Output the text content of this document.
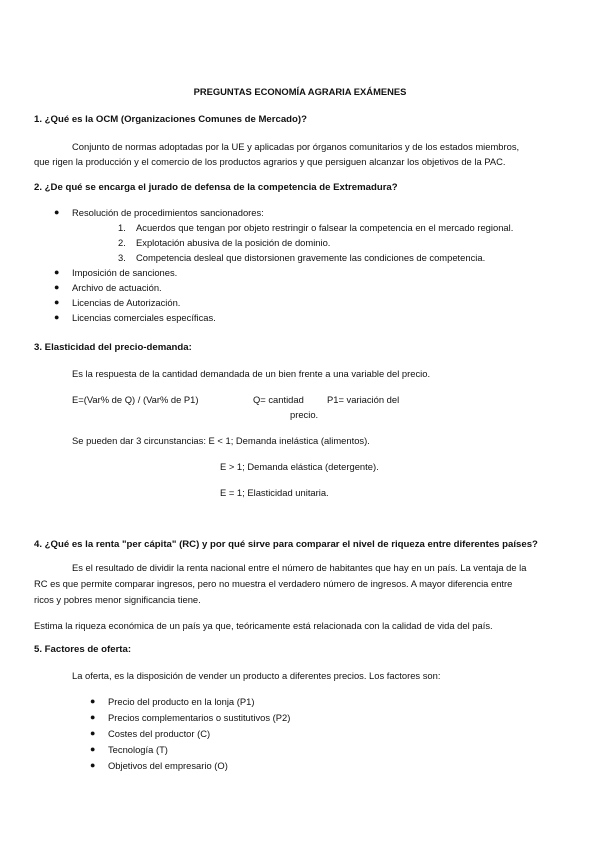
PREGUNTAS ECONOMÍA AGRARIA EXÁMENES
1. ¿Qué es la OCM (Organizaciones Comunes de Mercado)?
Conjunto de normas adoptadas por la UE y aplicadas por órganos comunitarios y de los estados miembros,
que rigen la producción y el comercio de los productos agrarios y que persiguen alcanzar los objetivos de la PAC.
2. ¿De qué se encarga el jurado de defensa de la competencia de Extremadura?
● Resolución de procedimientos sancionadores:
1. Acuerdos que tengan por objeto restringir o falsear la competencia en el mercado regional.
2. Explotación abusiva de la posición de dominio.
3. Competencia desleal que distorsionen gravemente las condiciones de competencia.
● Imposición de sanciones.
● Archivo de actuación.
● Licencias de Autorización.
● Licencias comerciales específicas.
3. Elasticidad del precio-demanda:
Es la respuesta de la cantidad demandada de un bien frente a una variable del precio.
E=(Var% de Q) / (Var% de P1)	Q= cantidad P1= variación del
precio.
Se pueden dar 3 circunstancias: E < 1; Demanda inelástica (alimentos).
E > 1; Demanda elástica (detergente).
E = 1; Elasticidad unitaria.
4. ¿Qué es la renta "per cápita" (RC) y por qué sirve para comparar el nivel de riqueza entre diferentes países?
Es el resultado de dividir la renta nacional entre el número de habitantes que hay en un país. La ventaja de la
RC es que permite comparar ingresos, pero no muestra el verdadero número de ingresos. A mayor diferencia entre
ricos y pobres menor significancia tiene.
Estima la riqueza económica de un país ya que, teóricamente está relacionada con la calidad de vida del país.
5. Factores de oferta:
La oferta, es la disposición de vender un producto a diferentes precios. Los factores son:
● Precio del producto en la lonja (P1)
● Precios complementarios o sustitutivos (P2)
● Costes del productor (C)
● Tecnología (T)
● Objetivos del empresario (O)
